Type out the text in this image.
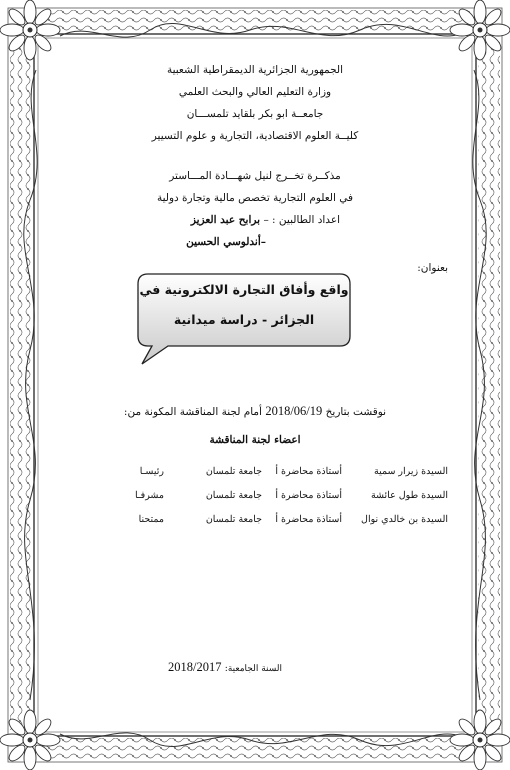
الجمهورية الجزائرية الديمقراطية الشعبية
وزارة التعليم العالي والبحث العلمي
جامعــة ابو بكر بلقايد تلمســـان
كليــة العلوم الاقتصادية، التجارية و علوم التسيير
مذكــرة تخــرج لنيل شهـــادة المـــاستر
في العلوم التجارية تخصص مالية وتجارة دولية
اعداد الطالبين : – برابح عبد العزيز
–أندلوسي الحسين
بعنوان:
نوقشت بتاريخ 2018/06/19 أمام لجنة المناقشة المكونة من:
اعضاء لجنة المناقشة
السيدة زيرار سمية
أستاذة محاضرة أ
جامعة تلمسان
رئيسـا
السيدة طول عائشة
أستاذة محاضرة أ
جامعة تلمسان
مشرفـا
السيدة بن خالدي نوال
أستاذة محاضرة أ
جامعة تلمسان
ممتحنا
السنة الجامعية: 2018/2017
واقع وأفاق التجارة الالكترونية في
الجزائر - دراسة ميدانية
